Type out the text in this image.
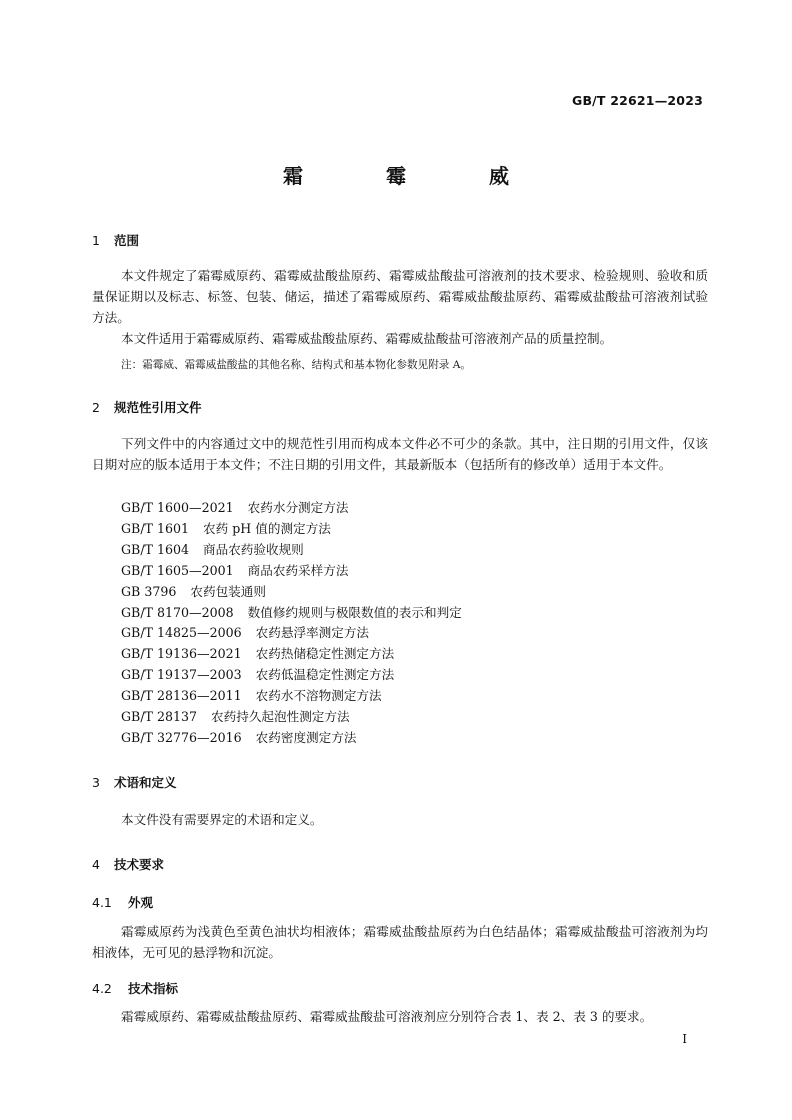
GB/T 22621—2023
霜 霉 威
1 范围
本文件规定了霜霉威原药、霜霉威盐酸盐原药、霜霉威盐酸盐可溶液剂的技术要求、检验规则、验收和质量保证期以及标志、标签、包装、储运，描述了霜霉威原药、霜霉威盐酸盐原药、霜霉威盐酸盐可溶液剂试验方法。
本文件适用于霜霉威原药、霜霉威盐酸盐原药、霜霉威盐酸盐可溶液剂产品的质量控制。
注：霜霉威、霜霉威盐酸盐的其他名称、结构式和基本物化参数见附录 A。
2 规范性引用文件
下列文件中的内容通过文中的规范性引用而构成本文件必不可少的条款。其中，注日期的引用文件，仅该日期对应的版本适用于本文件；不注日期的引用文件，其最新版本（包括所有的修改单）适用于本文件。
GB/T 1600—2021 农药水分测定方法
GB/T 1601 农药 pH 值的测定方法
GB/T 1604 商品农药验收规则
GB/T 1605—2001 商品农药采样方法
GB 3796 农药包装通则
GB/T 8170—2008 数值修约规则与极限数值的表示和判定
GB/T 14825—2006 农药悬浮率测定方法
GB/T 19136—2021 农药热储稳定性测定方法
GB/T 19137—2003 农药低温稳定性测定方法
GB/T 28136—2011 农药水不溶物测定方法
GB/T 28137 农药持久起泡性测定方法
GB/T 32776—2016 农药密度测定方法
3 术语和定义
本文件没有需要界定的术语和定义。
4 技术要求
4.1 外观
霜霉威原药为浅黄色至黄色油状均相液体；霜霉威盐酸盐原药为白色结晶体；霜霉威盐酸盐可溶液剂为均相液体，无可见的悬浮物和沉淀。
4.2 技术指标
霜霉威原药、霜霉威盐酸盐原药、霜霉威盐酸盐可溶液剂应分别符合表 1、表 2、表 3 的要求。
I
